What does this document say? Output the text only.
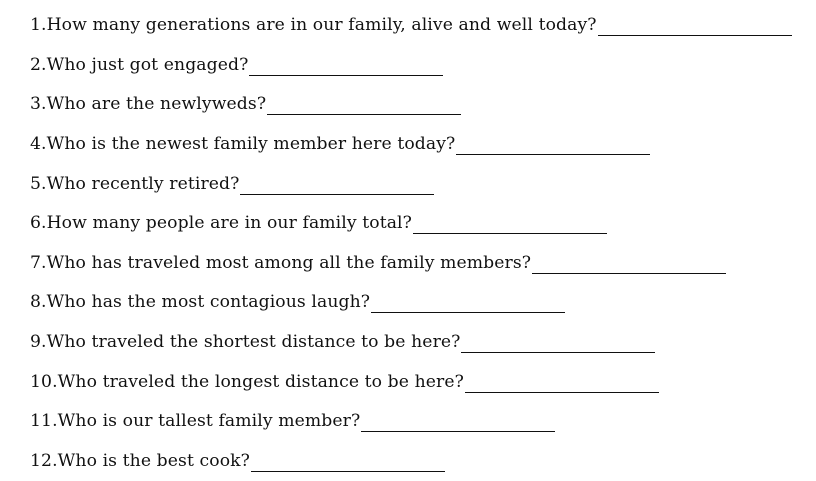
1.How many generations are in our family, alive and well today?
2.Who just got engaged?
3.Who are the newlyweds?
4.Who is the newest family member here today?
5.Who recently retired?
6.How many people are in our family total?
7.Who has traveled most among all the family members?
8.Who has the most contagious laugh?
9.Who traveled the shortest distance to be here?
10.Who traveled the longest distance to be here?
11.Who is our tallest family member?
12.Who is the best cook?
